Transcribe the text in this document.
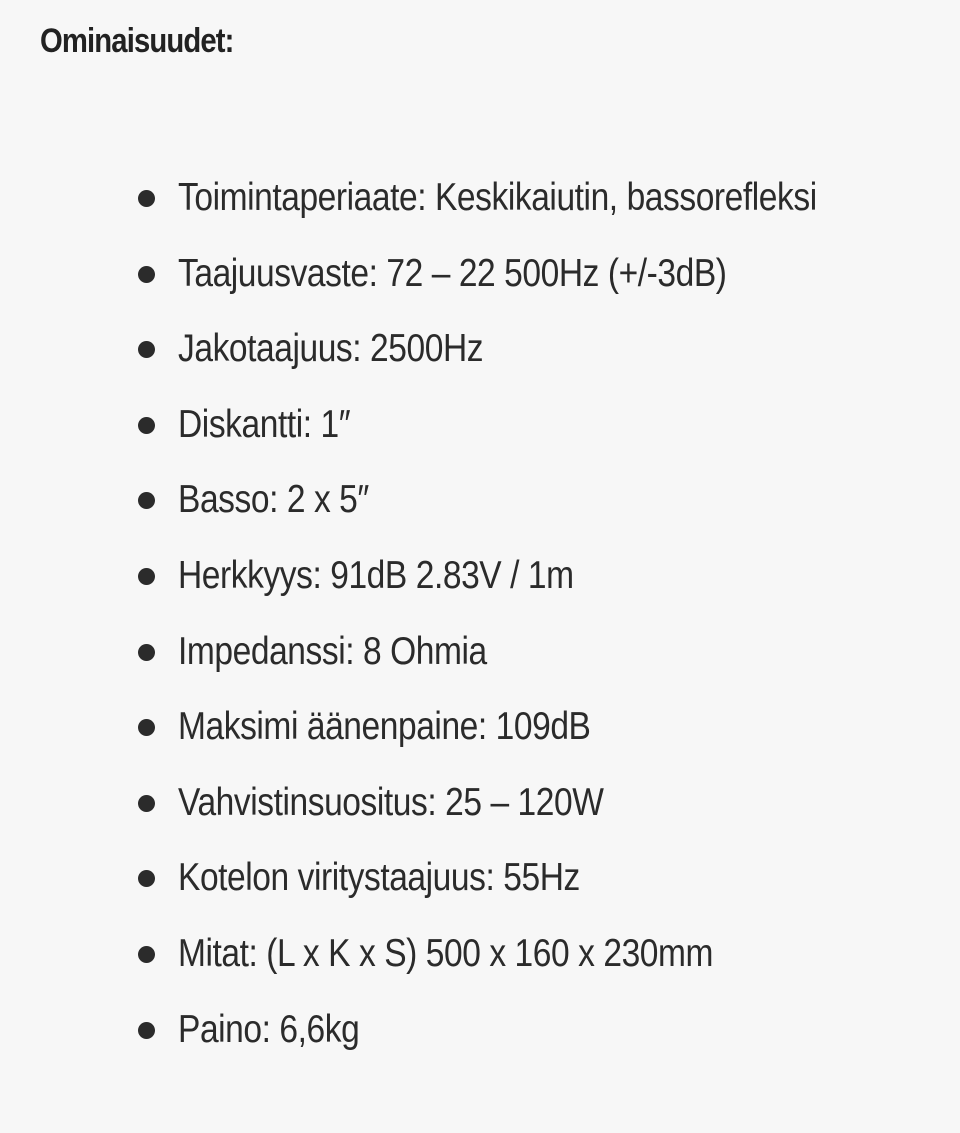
Ominaisuudet:
Toimintaperiaate: Keskikaiutin, bassorefleksi
Taajuusvaste: 72 – 22 500Hz (+/-3dB)
Jakotaajuus: 2500Hz
Diskantti: 1″
Basso: 2 x 5″
Herkkyys: 91dB 2.83V / 1m
Impedanssi: 8 Ohmia
Maksimi äänenpaine: 109dB
Vahvistinsuositus: 25 – 120W
Kotelon viritystaajuus: 55Hz
Mitat: (L x K x S) 500 x 160 x 230mm
Paino: 6,6kg
